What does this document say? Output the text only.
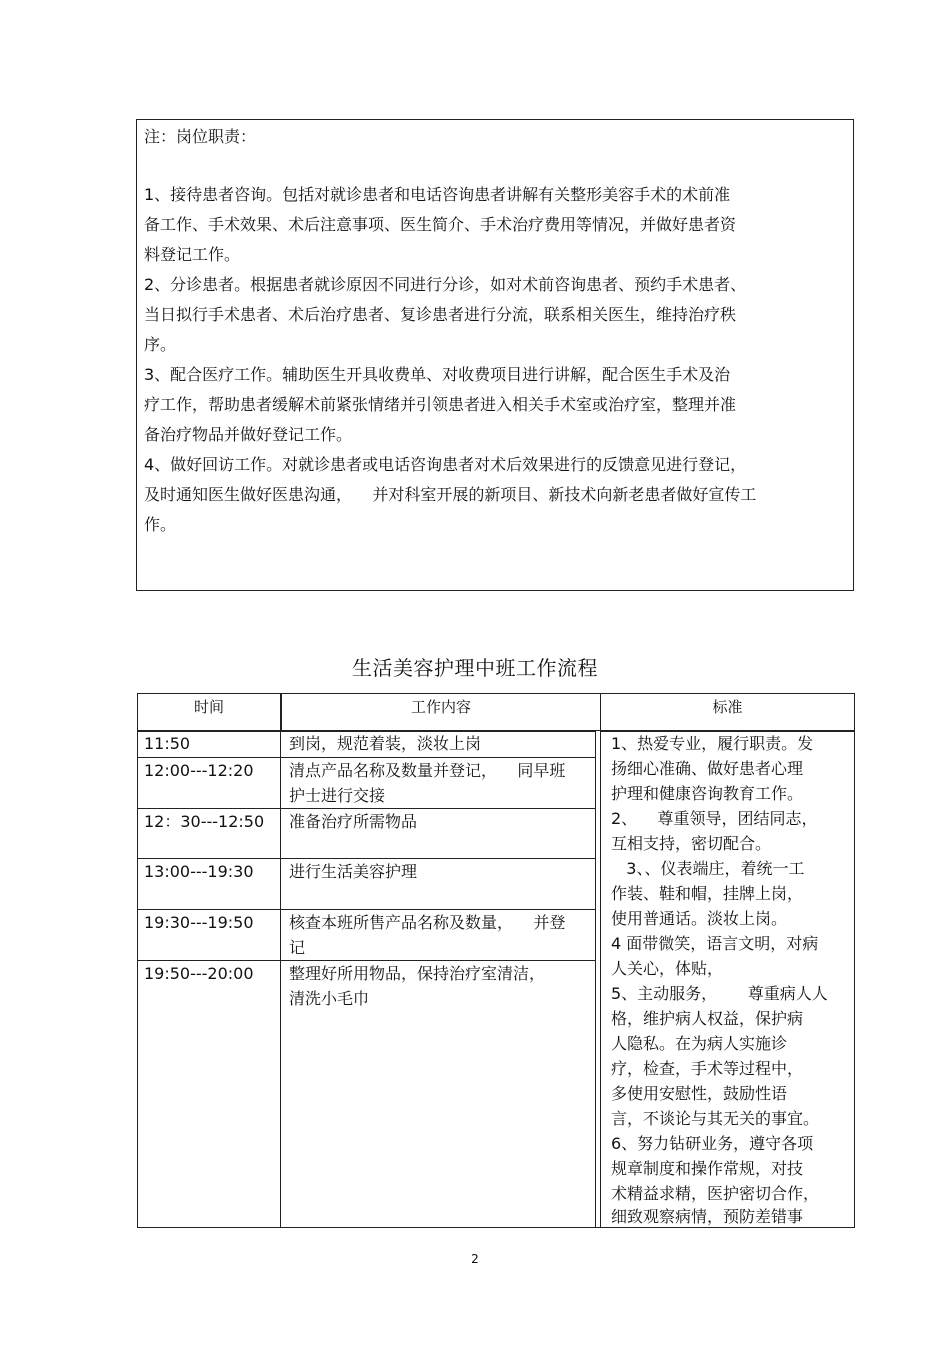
注：岗位职责：
1、接待患者咨询。包括对就诊患者和电话咨询患者讲解有关整形美容手术的术前准
备工作、手术效果、术后注意事项、医生简介、手术治疗费用等情况，并做好患者资
料登记工作。
2、分诊患者。根据患者就诊原因不同进行分诊，如对术前咨询患者、预约手术患者、
当日拟行手术患者、术后治疗患者、复诊患者进行分流，联系相关医生，维持治疗秩
序。
3、配合医疗工作。辅助医生开具收费单、对收费项目进行讲解，配合医生手术及治
疗工作，帮助患者缓解术前紧张情绪并引领患者进入相关手术室或治疗室，整理并准
备治疗物品并做好登记工作。
4、做好回访工作。对就诊患者或电话咨询患者对术后效果进行的反馈意见进行登记，
及时通知医生做好医患沟通，    并对科室开展的新项目、新技术向新老患者做好宣传工
作。
生活美容护理中班工作流程
时间	工作内容	标准
11:50	到岗，规范着装，淡妆上岗
12:00---12:20 清点产品名称及数量并登记，    同早班
护士进行交接
12：30---12:50 准备治疗所需物品
13:00---19:30 进行生活美容护理
19:30---19:50 核查本班所售产品名称及数量，    并登
记
19:50---20:00 整理好所用物品，保持治疗室清洁，
清洗小毛巾
1、热爱专业，履行职责。发
扬细心准确、做好患者心理
护理和健康咨询教育工作。
2、    尊重领导，团结同志，
互相支持，密切配合。
3、、仪表端庄，着统一工
作装、鞋和帽，挂牌上岗，
使用普通话。淡妆上岗。
4 面带微笑，语言文明，对病
人关心，体贴，
5、主动服务，      尊重病人人
格，维护病人权益，保护病
人隐私。在为病人实施诊
疗，检查，手术等过程中，
多使用安慰性，鼓励性语
言，不谈论与其无关的事宜。
6、努力钻研业务，遵守各项
规章制度和操作常规，对技
术精益求精，医护密切合作，
细致观察病情，预防差错事
2
